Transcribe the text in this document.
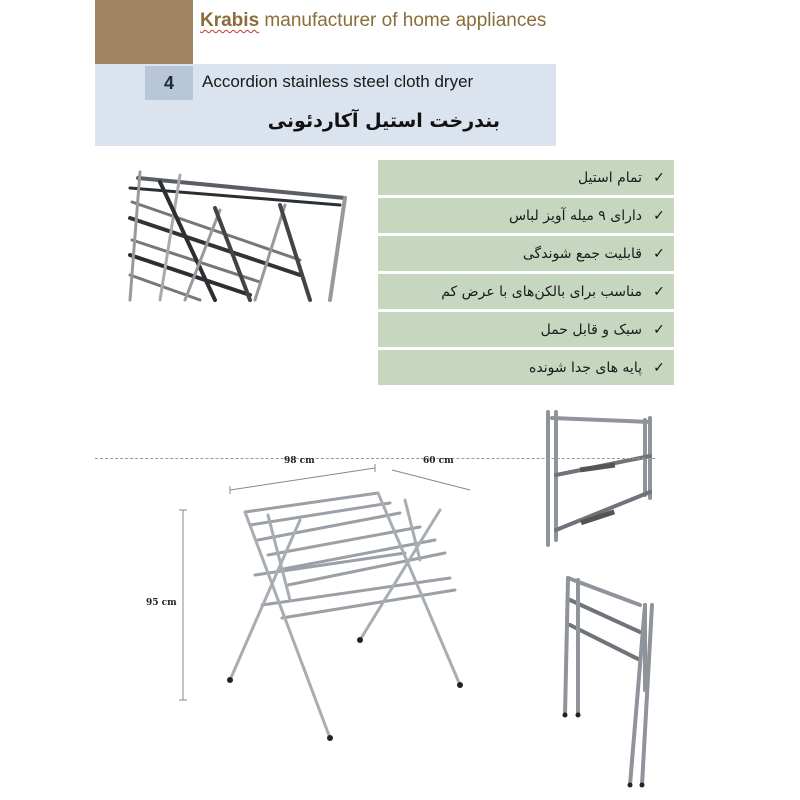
Krabis manufacturer of home appliances
4	Accordion stainless steel cloth dryer
بندرخت استیل آکاردئونی
تمام استیل ✓
دارای ۹ میله آویز لباس ✓
قابلیت جمع شوندگی ✓
مناسب برای بالکن‌های با عرض کم ✓
سبک و قابل حمل ✓
پایه های جدا شونده ✓
98 cm	60 cm
95 cm
